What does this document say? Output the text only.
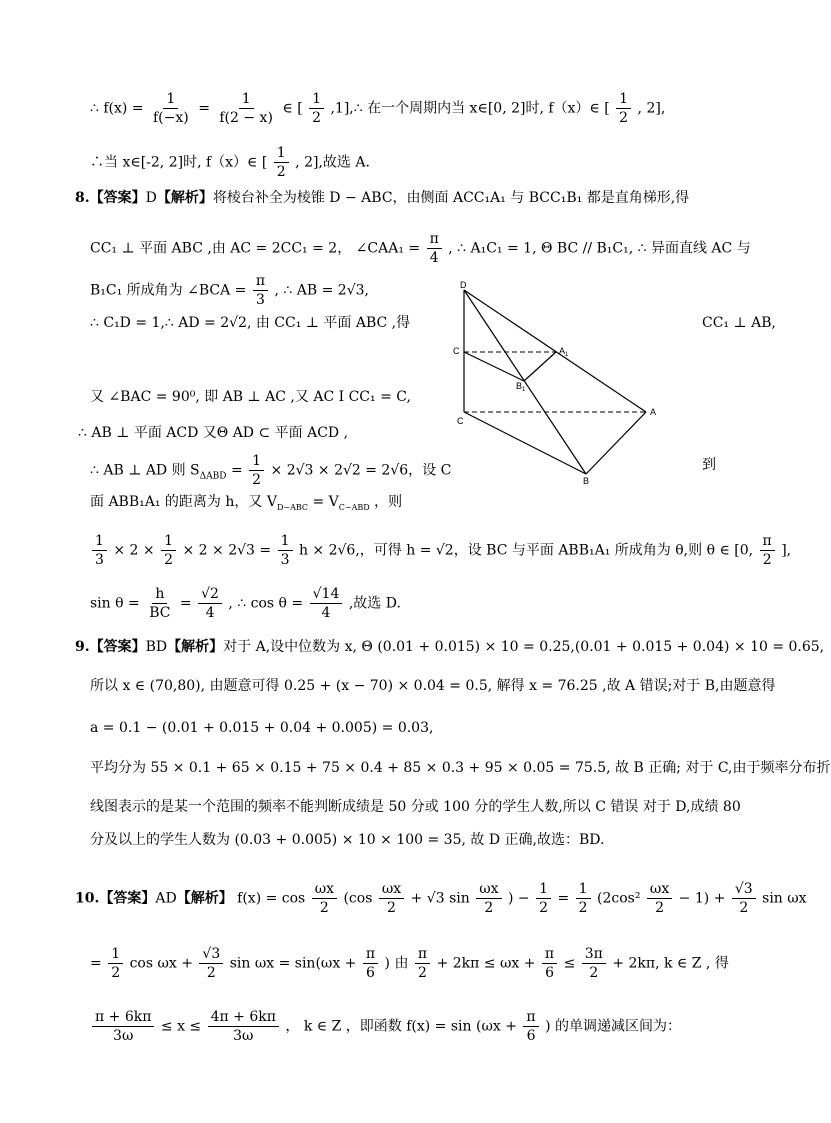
∴ $f(x) = \frac{1}{f(-x)} = \frac{1}{f(2 - x)}$ ∈ [ $\frac{1}{2}$ ,1],∴ 在一个周期内当 x∈[0, 2]时, f（x）∈ [ $\frac{1}{2}$ , 2],
∴当 x∈[-2, 2]时, f（x）∈ [ $\frac{1}{2}$ , 2],故选 A.
8.【答案】D【解析】将棱台补全为棱锥 D − ABC，由侧面 ACC₁A₁ 与 BCC₁B₁ 都是直角梯形,得
CC₁ ⊥ 平面 ABC ,由 AC = 2CC₁ = 2， ∠CAA₁ = $\frac{\pi}{4}$ , ∴ A₁C₁ = 1, Θ BC // B₁C₁, ∴ 异面直线 AC 与
B₁C₁ 所成角为 ∠BCA = $\frac{\pi}{3}$ , ∴ AB = 2√3,
∴ C₁D = 1,∴ AD = 2√2, 由 CC₁ ⊥ 平面 ABC ,得	CC₁ ⊥ AB,
又 ∠BAC = 90⁰, 即 AB ⊥ AC ,又 AC I CC₁ = C,
∴ AB ⊥ 平面 ACD 又Θ AD ⊂ 平面 ACD ,
∴ AB ⊥ AD 则 $S_{\Delta ABD} = \frac{1}{2} \times 2√3 \times 2√2 = 2√6$，设 C	到
面 ABB₁A₁ 的距离为 h，又 $V_{D-ABC} = V_{C-ABD}$ ，则
$\frac{1}{3} \times 2 \times \frac{1}{2} \times 2 \times 2√3 = \frac{1}{3}$ h × 2√6,，可得 h = √2，设 BC 与平面 ABB₁A₁ 所成角为 θ,则 θ ∈ [0, $\frac{\pi}{2}$ ],
$\sin \theta = \frac{h}{BC} = \frac{√2}{4}$ , ∴ $\cos \theta = \frac{√14}{4}$ ,故选 D.
D
C	$A_1$
$B_1$
C
A
B
9.【答案】BD【解析】对于 A,设中位数为 x, Θ (0.01 + 0.015) × 10 = 0.25,(0.01 + 0.015 + 0.04) × 10 = 0.65,
所以 x ∈ (70,80), 由题意可得 0.25 + (x − 70) × 0.04 = 0.5, 解得 x = 76.25 ,故 A 错误;对于 B,由题意得
a = 0.1 − (0.01 + 0.015 + 0.04 + 0.005) = 0.03,
平均分为 55 × 0.1 + 65 × 0.15 + 75 × 0.4 + 85 × 0.3 + 95 × 0.05 = 75.5, 故 B 正确; 对于 C,由于频率分布折
线图表示的是某一个范围的频率不能判断成绩是 50 分或 100 分的学生人数,所以 C 错误 对于 D,成绩 80
分及以上的学生人数为 (0.03 + 0.005) × 10 × 100 = 35, 故 D 正确,故选：BD.
10.【答案】AD【解析】 $f(x) = \cos \frac{\omega x}{2} (\cos \frac{\omega x}{2} + √3$ $\sin \frac{\omega x}{2}$ ) − $\frac{1}{2} = \frac{1}{2} (2\cos^2 \frac{\omega x}{2} - 1) + \frac{√3}{2}$ sin ωx
= $\frac{1}{2}$ $\cos \omega x + \frac{√3}{2}$ $\sin \omega x = \sin(\omega x + \frac{\pi}{6}$ ) 由 $\frac{\pi}{2} + 2k\pi \le \omega x + \frac{\pi}{6} \le \frac{3\pi}{2} + 2k\pi$, k ∈ Z , 得
$\frac{\pi + 6k\pi}{3\omega} \le x \le \frac{4\pi + 6k\pi}{3\omega}$ ， k ∈ Z ，即函数 $f(x) = \sin (\omega x + \frac{\pi}{6}$ ) 的单调递减区间为：
